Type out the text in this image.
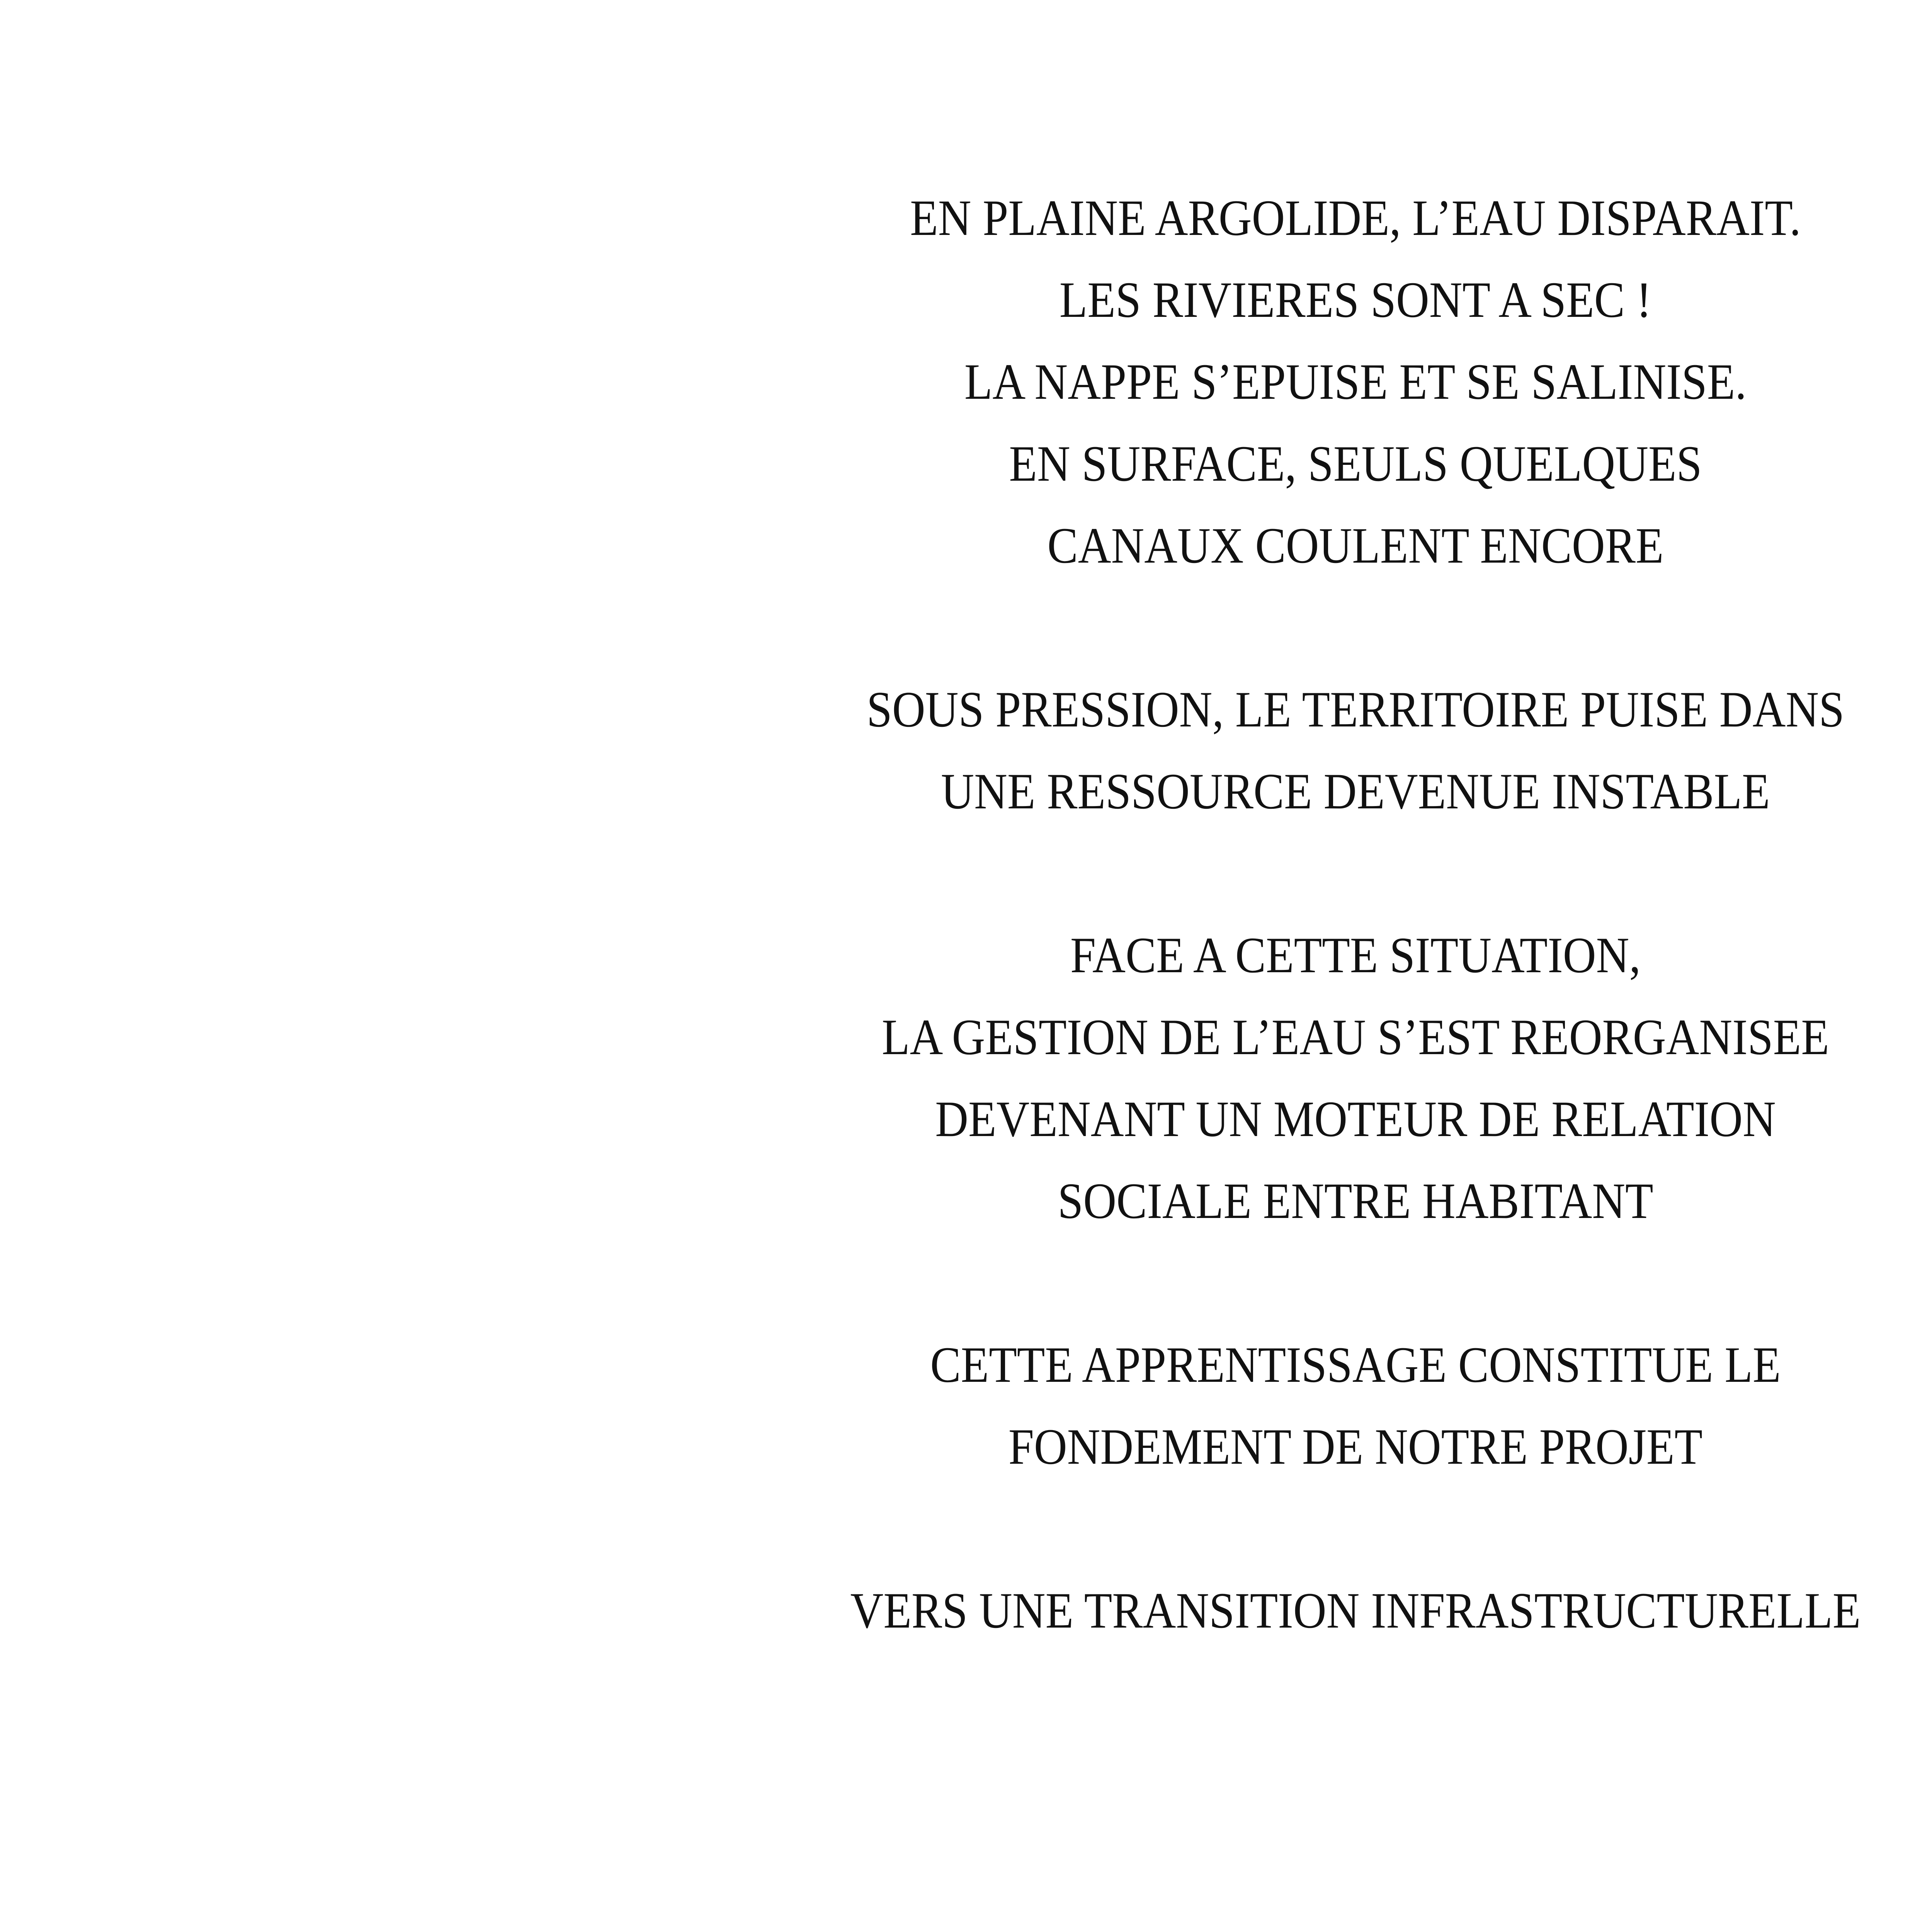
EN PLAINE ARGOLIDE, L’EAU DISPARAIT.
LES RIVIERES SONT A SEC !
LA NAPPE S’EPUISE ET SE SALINISE.
EN SURFACE, SEULS QUELQUES
CANAUX COULENT ENCORE
SOUS PRESSION, LE TERRITOIRE PUISE DANS
UNE RESSOURCE DEVENUE INSTABLE
FACE A CETTE SITUATION,
LA GESTION DE L’EAU S’EST REORGANISEE
DEVENANT UN MOTEUR DE RELATION
SOCIALE ENTRE HABITANT
CETTE APPRENTISSAGE CONSTITUE LE
FONDEMENT DE NOTRE PROJET
VERS UNE TRANSITION INFRASTRUCTURELLE
